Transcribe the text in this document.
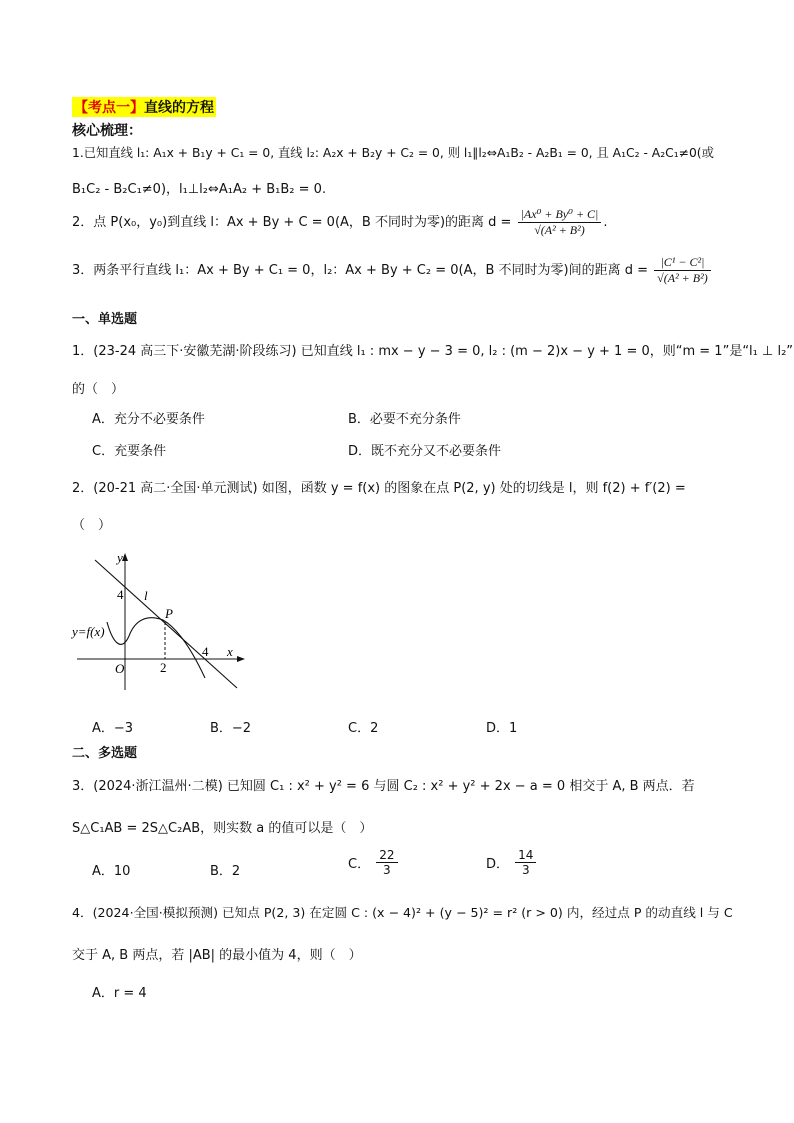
【考点一】直线的方程
核心梳理：
1.已知直线 l₁: A₁x + B₁y + C₁ = 0, 直线 l₂: A₂x + B₂y + C₂ = 0, 则 l₁∥l₂⇔A₁B₂ - A₂B₁ = 0, 且 A₁C₂ - A₂C₁≠0(或
B₁C₂ - B₂C₁≠0)，l₁⊥l₂⇔A₁A₂ + B₁B₂ = 0.
2．点 P(x₀，y₀)到直线 l：Ax + By + C = 0(A，B 不同时为零)的距离 $d = \frac{\text{|Ax⁰ + By⁰ + C|}}{\text{√(A² + B²)}}$ .
3．两条平行直线 l₁：Ax + By + C₁ = 0，l₂：Ax + By + C₂ = 0(A，B 不同时为零)间的距离 $d = \frac{\text{|C¹ − C²|}}{\text{√(A² + B²)}}$
一、单选题
1．(23-24 高三下·安徽芜湖·阶段练习) 已知直线 l₁ : mx − y − 3 = 0, l₂ : (m − 2)x − y + 1 = 0，则“m = 1”是“l₁ ⊥ l₂”
的（　）
A．充分不必要条件	B．必要不充分条件
C．充要条件	D．既不充分又不必要条件
2．(20-21 高二·全国·单元测试) 如图，函数 y = f(x) 的图象在点 P(2, y) 处的切线是 l，则 f(2) + f′(2) =
（　）
y
x
O
4
2
4
l
P
y=f(x)
A．−3	B．−2	C．2	D．1
二、多选题
3．(2024·浙江温州·二模) 已知圆 C₁ : x² + y² = 6 与圆 C₂ : x² + y² + 2x − a = 0 相交于 A, B 两点．若
S△C₁AB = 2S△C₂AB，则实数 a 的值可以是（　）
A．10	B．2	C． $\frac{22}{3}$	D． $\frac{14}{3}$
4．(2024·全国·模拟预测) 已知点 P(2, 3) 在定圆 C : (x − 4)² + (y − 5)² = r² (r > 0) 内，经过点 P 的动直线 l 与 C
交于 A, B 两点，若 |AB| 的最小值为 4，则（　）
A．r = 4
